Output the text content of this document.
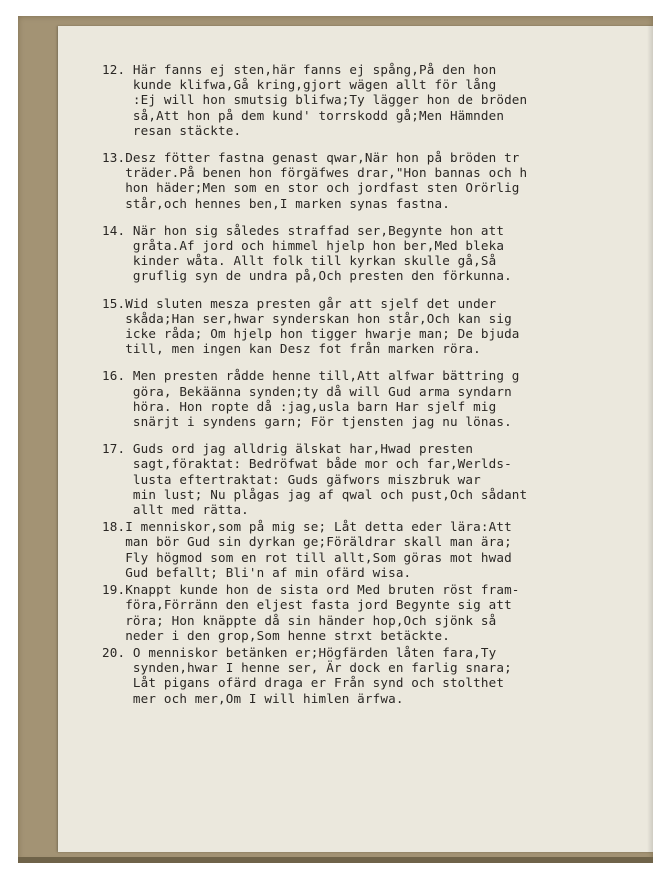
12. Här fanns ej sten,här fanns ej spång,På den hon
kunde klifwa,Gå kring,gjort wägen allt för lång
:Ej will hon smutsig blifwa;Ty lägger hon de bröden
så,Att hon på dem kund' torrskodd gå;Men Hämnden
resan stäckte.
13.Desz fötter fastna genast qwar,När hon på bröden tr
träder.På benen hon förgäfwes drar,"Hon bannas och h
hon häder;Men som en stor och jordfast sten Orörlig
står,och hennes ben,I marken synas fastna.
14. När hon sig således straffad ser,Begynte hon att
gråta.Af jord och himmel hjelp hon ber,Med bleka
kinder wåta. Allt folk till kyrkan skulle gå,Så
gruflig syn de undra på,Och presten den förkunna.
15.Wid sluten mesza presten går att sjelf det under
skåda;Han ser,hwar synderskan hon står,Och kan sig
icke råda; Om hjelp hon tigger hwarje man; De bjuda
till, men ingen kan Desz fot från marken röra.
16. Men presten rådde henne till,Att alfwar bättring g
göra, Bekäänna synden;ty då will Gud arma syndarn
höra. Hon ropte då :jag,usla barn Har sjelf mig
snärjt i syndens garn; För tjensten jag nu lönas.
17. Guds ord jag alldrig älskat har,Hwad presten
sagt,föraktat: Bedröfwat både mor och far,Werlds-
lusta eftertraktat: Guds gäfwors miszbruk war
min lust; Nu plågas jag af qwal och pust,Och sådant
allt med rätta.
18.I menniskor,som på mig se; Låt detta eder lära:Att
man bör Gud sin dyrkan ge;Föräldrar skall man ära;
Fly högmod som en rot till allt,Som göras mot hwad
Gud befallt; Bli'n af min ofärd wisa.
19.Knappt kunde hon de sista ord Med bruten röst fram-
föra,Förränn den eljest fasta jord Begynte sig att
röra; Hon knäppte då sin händer hop,Och sjönk så
neder i den grop,Som henne strxt betäckte.
20. O menniskor betänken er;Högfärden låten fara,Ty
synden,hwar I henne ser, Är dock en farlig snara;
Låt pigans ofärd draga er Från synd och stolthet
mer och mer,Om I will himlen ärfwa.
